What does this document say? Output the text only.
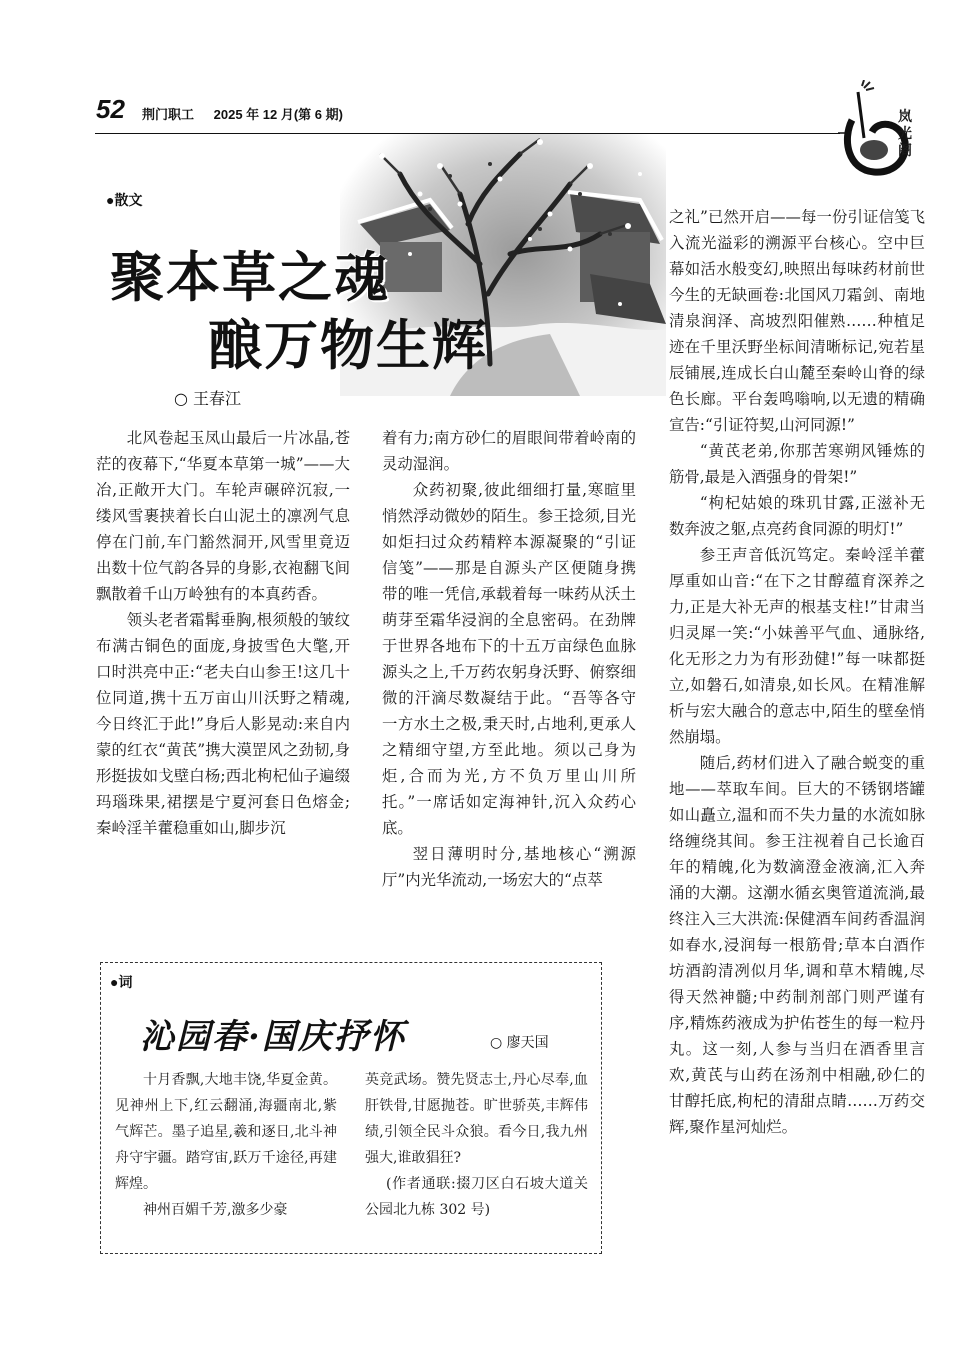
52 荆门职工 2025 年 12 月(第 6 期)	岚光阁
●散文
聚本草之魂
酿万物生辉
○ 王春江

北风卷起玉凤山最后一片冰晶,苍茫的夜幕下,“华夏本草第一城”——大冶,正敞开大门。车轮声碾碎沉寂,一缕风雪裹挟着长白山泥土的凛冽气息停在门前,车门豁然洞开,风雪里竟迈出数十位气韵各异的身影,衣袍翻飞间飘散着千山万岭独有的本真药香。

领头老者霜髯垂胸,根须般的皱纹布满古铜色的面庞,身披雪色大氅,开口时洪亮中正:“老夫白山参王!这几十位同道,携十五万亩山川沃野之精魂,今日终汇于此!”身后人影晃动:来自内蒙的红衣“黄芪”携大漠罡风之劲韧,身形挺拔如戈壁白杨;西北枸杞仙子遍缀玛瑙珠果,裙摆是宁夏河套日色熔金;秦岭淫羊藿稳重如山,脚步沉

着有力;南方砂仁的眉眼间带着岭南的灵动湿润。

众药初聚,彼此细细打量,寒暄里悄然浮动微妙的陌生。参王捻须,目光如炬扫过众药精粹本源凝聚的“引证信笺”——那是自源头产区便随身携带的唯一凭信,承载着每一味药从沃土萌芽至霜华浸润的全息密码。在劲牌于世界各地布下的十五万亩绿色血脉源头之上,千万药农躬身沃野、俯察细微的汗滴尽数凝结于此。“吾等各守一方水土之极,秉天时,占地利,更承人之精细守望,方至此地。须以己身为炬,合而为光,方不负万里山川所托。”一席话如定海神针,沉入众药心底。

翌日薄明时分,基地核心“溯源厅”内光华流动,一场宏大的“点萃

之礼”已然开启——每一份引证信笺飞入流光溢彩的溯源平台核心。空中巨幕如活水般变幻,映照出每味药材前世今生的无缺画卷:北国风刀霜剑、南地清泉润泽、高坡烈阳催熟……种植足迹在千里沃野坐标间清晰标记,宛若星辰铺展,连成长白山麓至秦岭山脊的绿色长廊。平台轰鸣嗡响,以无遗的精确宣告:“引证符契,山河同源!”

“黄芪老弟,你那苦寒朔风锤炼的筋骨,最是入酒强身的骨架!”

“枸杞姑娘的珠玑甘露,正滋补无数奔波之躯,点亮药食同源的明灯!”

参王声音低沉笃定。秦岭淫羊藿厚重如山音:“在下之甘醇蕴育深养之力,正是大补无声的根基支柱!”甘肃当归灵犀一笑:“小妹善平气血、通脉络,化无形之力为有形劲健!”每一味都挺立,如磐石,如清泉,如长风。在精准解析与宏大融合的意志中,陌生的壁垒悄然崩塌。

随后,药材们进入了融合蜕变的重地——萃取车间。巨大的不锈钢塔罐如山矗立,温和而不失力量的水流如脉络缠绕其间。参王注视着自己长逾百年的精魄,化为数滴澄金液滴,汇入奔涌的大潮。这潮水循玄奥管道流淌,最终注入三大洪流:保健酒车间药香温润如春水,浸润每一根筋骨;草本白酒作坊酒韵清冽似月华,调和草木精魄,尽得天然神髓;中药制剂部门则严谨有序,精炼药液成为护佑苍生的每一粒丹丸。这一刻,人参与当归在酒香里言欢,黄芪与山药在汤剂中相融,砂仁的甘醇托底,枸杞的清甜点睛……万药交辉,聚作星河灿烂。

●词
沁园春·国庆抒怀	○ 廖天国

十月香飘,大地丰饶,华夏金黄。见神州上下,红云翻涌,海疆南北,紫气辉芒。墨子追星,羲和逐日,北斗神舟守宇疆。踏穹宙,跃万千途径,再建辉煌。

神州百媚千芳,激多少豪

英竞武场。赞先贤志士,丹心尽奉,血肝铁骨,甘愿抛苍。旷世骄英,丰辉伟绩,引领全民斗众狼。看今日,我九州强大,谁敢猖狂?

(作者通联:掇刀区白石坡大道关公园北九栋 302 号)
